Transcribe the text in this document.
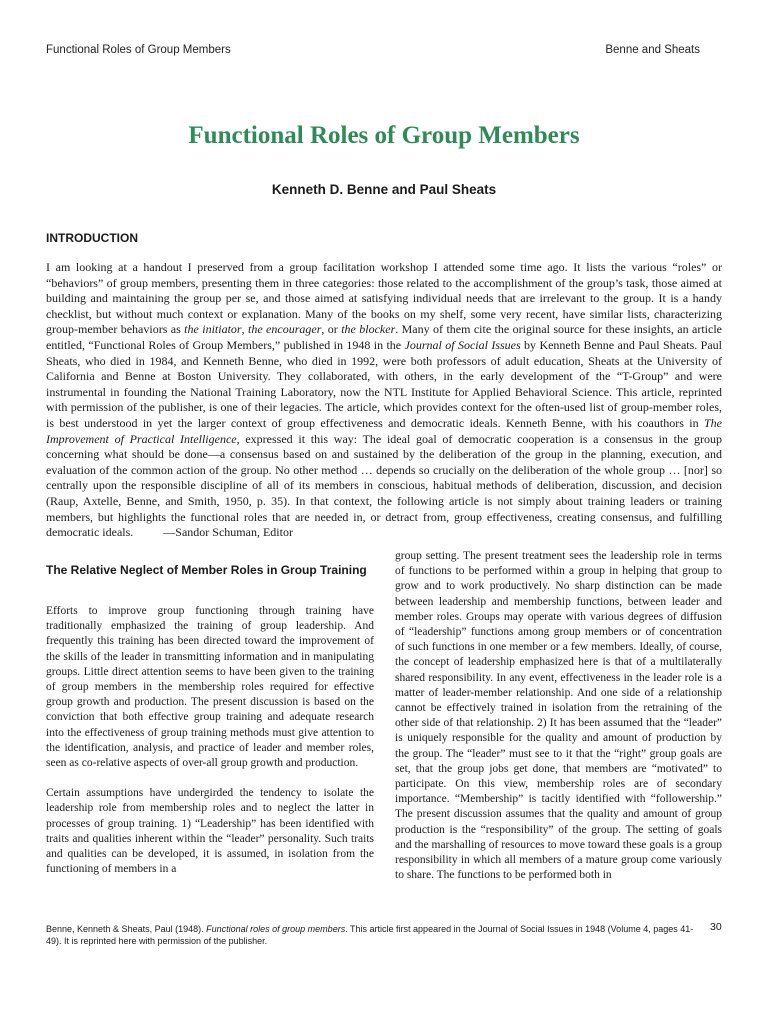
Functional Roles of Group Members	Benne and Sheats
Functional Roles of Group Members

Kenneth D. Benne and Paul Sheats

INTRODUCTION

I am looking at a handout I preserved from a group facilitation workshop I attended some time ago. It lists the various “roles” or “behaviors” of group members, presenting them in three categories: those related to the accomplishment of the group’s task, those aimed at building and maintaining the group per se, and those aimed at satisfying individual needs that are irrelevant to the group. It is a handy checklist, but without much context or explanation. Many of the books on my shelf, some very recent, have similar lists, characterizing group-member behaviors as the initiator, the encourager, or the blocker. Many of them cite the original source for these insights, an article entitled, “Functional Roles of Group Members,” published in 1948 in the Journal of Social Issues by Kenneth Benne and Paul Sheats. Paul Sheats, who died in 1984, and Kenneth Benne, who died in 1992, were both professors of adult education, Sheats at the University of California and Benne at Boston University. They collaborated, with others, in the early development of the “T-Group” and were instrumental in founding the National Training Laboratory, now the NTL Institute for Applied Behavioral Science. This article, reprinted with permission of the publisher, is one of their legacies. The article, which provides context for the often-used list of group-member roles, is best understood in yet the larger context of group effectiveness and democratic ideals. Kenneth Benne, with his coauthors in The Improvement of Practical Intelligence, expressed it this way: The ideal goal of democratic cooperation is a consensus in the group concerning what should be done—a consensus based on and sustained by the deliberation of the group in the planning, execution, and evaluation of the common action of the group. No other method … depends so crucially on the deliberation of the whole group … [nor] so centrally upon the responsible discipline of all of its members in conscious, habitual methods of deliberation, discussion, and decision (Raup, Axtelle, Benne, and Smith, 1950, p. 35). In that context, the following article is not simply about training leaders or training members, but highlights the functional roles that are needed in, or detract from, group effectiveness, creating consensus, and fulfilling democratic ideals.	—Sandor Schuman, Editor

The Relative Neglect of Member Roles in Group Training

Efforts to improve group functioning through training have traditionally emphasized the training of group leadership. And frequently this training has been directed toward the improvement of the skills of the leader in transmitting information and in manipulating groups. Little direct attention seems to have been given to the training of group members in the membership roles required for effective group growth and production. The present discussion is based on the conviction that both effective group training and adequate research into the effectiveness of group training methods must give attention to the identification, analysis, and practice of leader and member roles, seen as co-relative aspects of over-all group growth and production.

Certain assumptions have undergirded the tendency to isolate the leadership role from membership roles and to neglect the latter in processes of group training. 1) “Leadership” has been identified with traits and qualities inherent within the “leader” personality. Such traits and qualities can be developed, it is assumed, in isolation from the functioning of members in a

group setting. The present treatment sees the leadership role in terms of functions to be performed within a group in helping that group to grow and to work productively. No sharp distinction can be made between leadership and membership functions, between leader and member roles. Groups may operate with various degrees of diffusion of “leadership” functions among group members or of concentration of such functions in one member or a few members. Ideally, of course, the concept of leadership emphasized here is that of a multilaterally shared responsibility. In any event, effectiveness in the leader role is a matter of leader-member relationship. And one side of a relationship cannot be effectively trained in isolation from the retraining of the other side of that relationship. 2) It has been assumed that the “leader” is uniquely responsible for the quality and amount of production by the group. The “leader” must see to it that the “right” group goals are set, that the group jobs get done, that members are “motivated” to participate. On this view, membership roles are of secondary importance. “Membership” is tacitly identified with “followership.” The present discussion assumes that the quality and amount of group production is the “responsibility” of the group. The setting of goals and the marshalling of resources to move toward these goals is a group responsibility in which all members of a mature group come variously to share. The functions to be performed both in

Benne, Kenneth & Sheats, Paul (1948). Functional roles of group members. This article first appeared in the Journal of Social Issues in 1948 (Volume 4, pages 41-49). It is reprinted here with permission of the publisher.
30
